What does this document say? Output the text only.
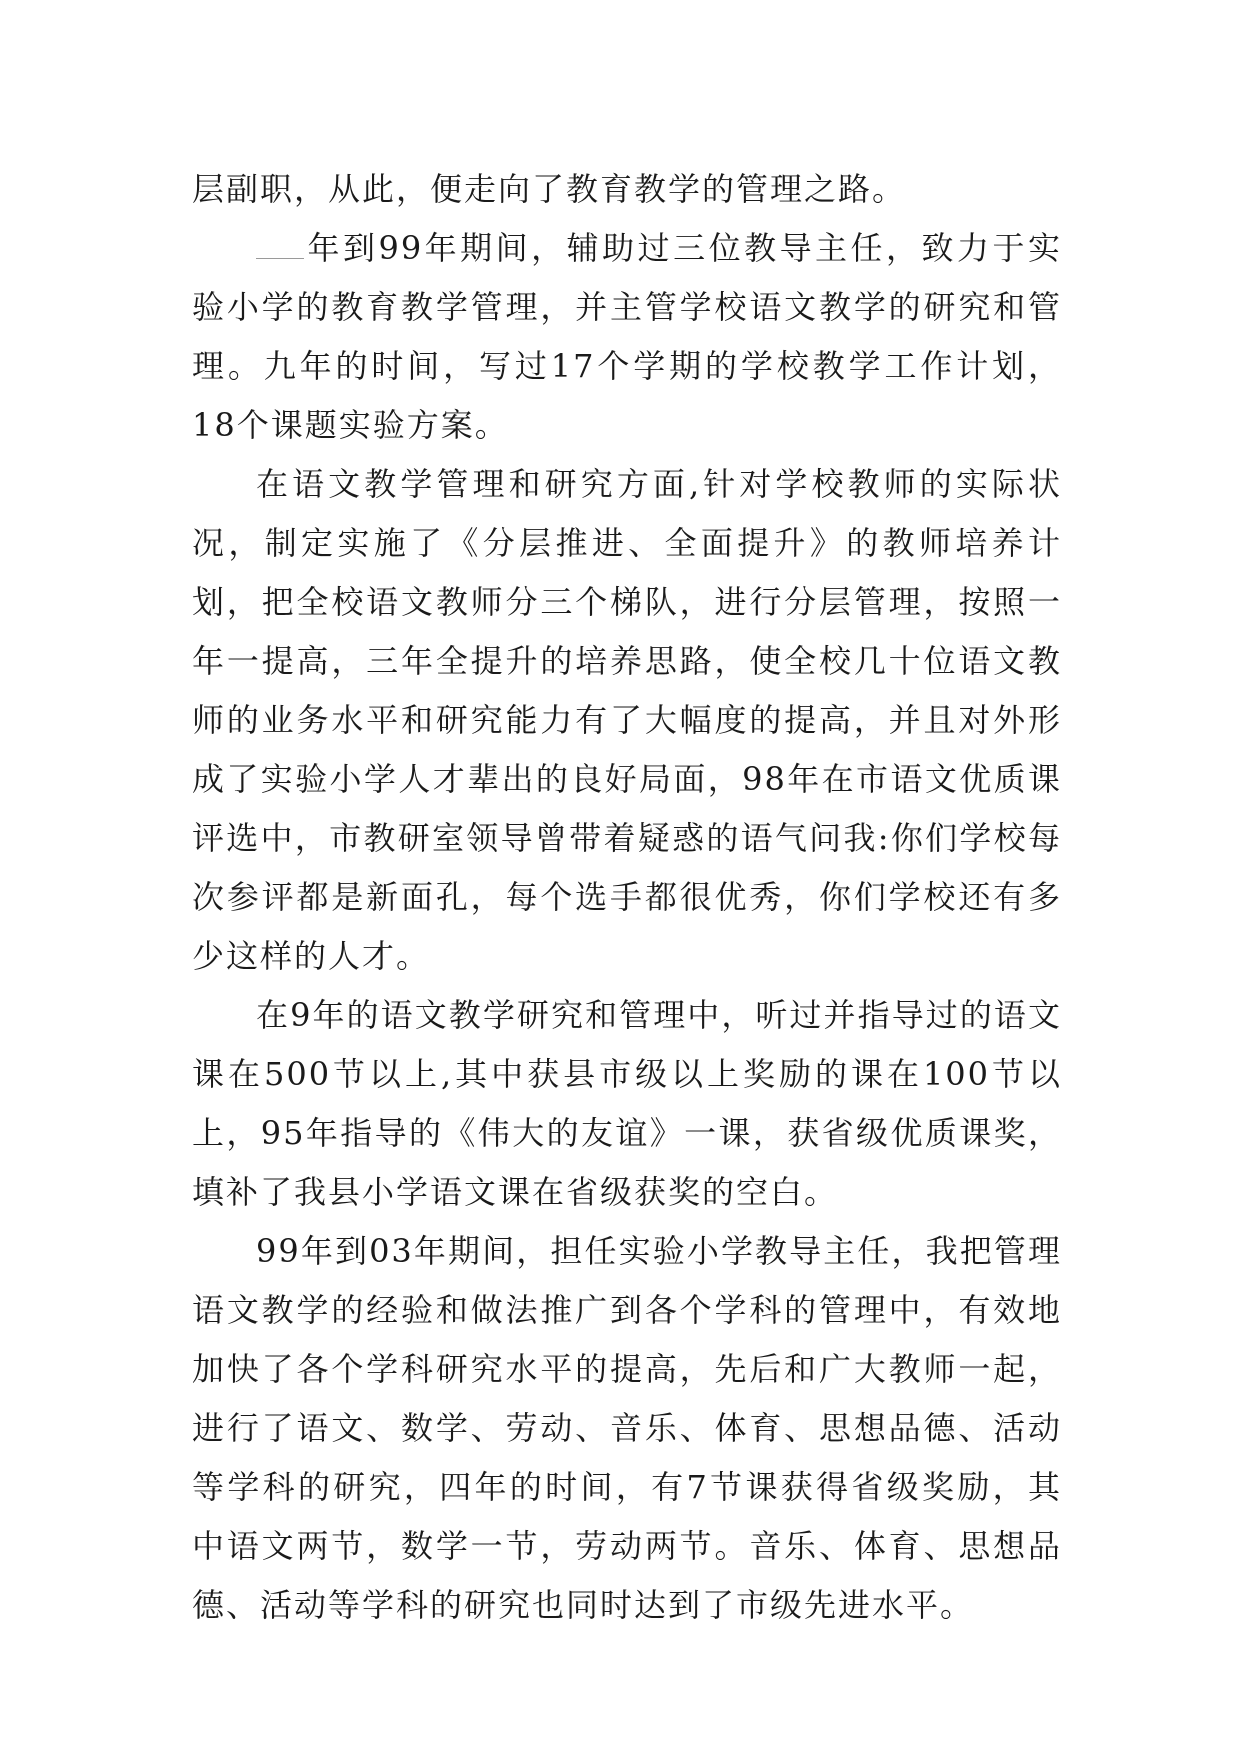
层副职，从此，便走向了教育教学的管理之路。

年到99年期间，辅助过三位教导主任，致力于实验小学的教育教学管理，并主管学校语文教学的研究和管理。九年的时间，写过17个学期的学校教学工作计划，18个课题实验方案。

在语文教学管理和研究方面,针对学校教师的实际状况，制定实施了《分层推进、全面提升》的教师培养计划，把全校语文教师分三个梯队，进行分层管理，按照一年一提高，三年全提升的培养思路，使全校几十位语文教师的业务水平和研究能力有了大幅度的提高，并且对外形成了实验小学人才辈出的良好局面，98年在市语文优质课评选中，市教研室领导曾带着疑惑的语气问我:你们学校每次参评都是新面孔，每个选手都很优秀，你们学校还有多少这样的人才。

在9年的语文教学研究和管理中，听过并指导过的语文课在500节以上,其中获县市级以上奖励的课在100节以上，95年指导的《伟大的友谊》一课，获省级优质课奖，填补了我县小学语文课在省级获奖的空白。

99年到03年期间，担任实验小学教导主任，我把管理语文教学的经验和做法推广到各个学科的管理中，有效地加快了各个学科研究水平的提高，先后和广大教师一起，进行了语文、数学、劳动、音乐、体育、思想品德、活动等学科的研究，四年的时间，有7节课获得省级奖励，其中语文两节，数学一节，劳动两节。音乐、体育、思想品德、活动等学科的研究也同时达到了市级先进水平。
